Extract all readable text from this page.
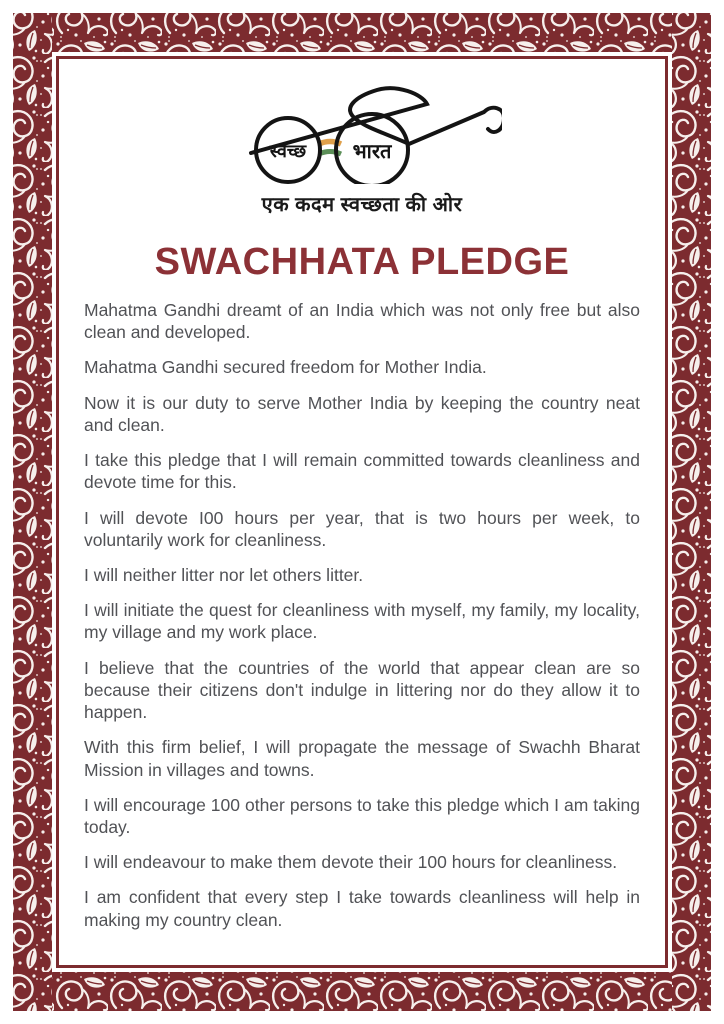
स्वच्छ भारत
एक कदम स्वच्छता की ओर
SWACHHATA PLEDGE

Mahatma Gandhi dreamt of an India which was not only free but also clean and developed.

Mahatma Gandhi secured freedom for Mother India.

Now it is our duty to serve Mother India by keeping the country neat and clean.

I take this pledge that I will remain committed towards cleanliness and devote time for this.

I will devote I00 hours per year, that is two hours per week, to voluntarily work for cleanliness.

I will neither litter nor let others litter.

I will initiate the quest for cleanliness with myself, my family, my locality, my village and my work place.

I believe that the countries of the world that appear clean are so because their citizens don't indulge in littering nor do they allow it to happen.

With this firm belief, I will propagate the message of Swachh Bharat Mission in villages and towns.

I will encourage 100 other persons to take this pledge which I am taking today.

I will endeavour to make them devote their 100 hours for cleanliness.

I am confident that every step I take towards cleanliness will help in making my country clean.
